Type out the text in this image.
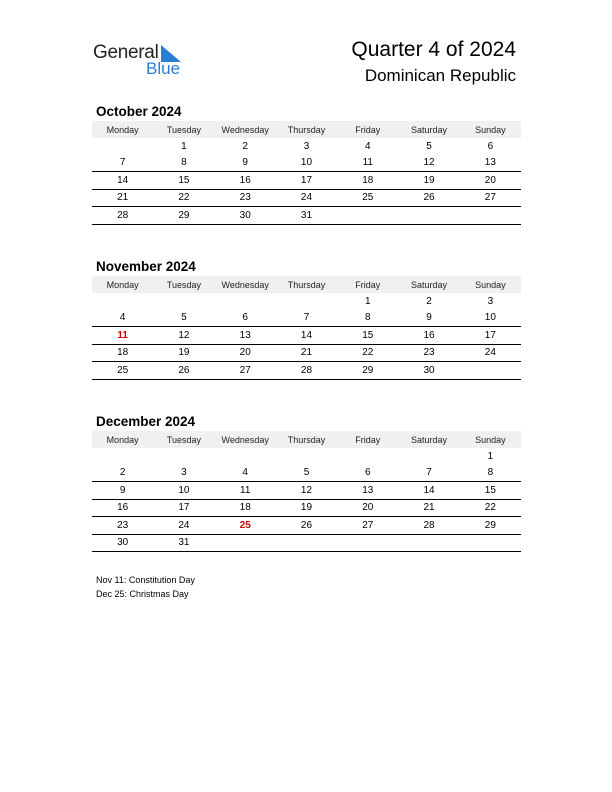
General
Blue
Quarter 4 of 2024
Dominican Republic
October 2024
Monday	Tuesday	Wednesday	Thursday	Friday	Saturday	Sunday
	1	2	3	4	5	6
7	8	9	10	11	12	13
14	15	16	17	18	19	20
21	22	23	24	25	26	27
28	29	30	31			
November 2024
Monday	Tuesday	Wednesday	Thursday	Friday	Saturday	Sunday
				1	2	3
4	5	6	7	8	9	10
11	12	13	14	15	16	17
18	19	20	21	22	23	24
25	26	27	28	29	30	
December 2024
Monday	Tuesday	Wednesday	Thursday	Friday	Saturday	Sunday
						1
2	3	4	5	6	7	8
9	10	11	12	13	14	15
16	17	18	19	20	21	22
23	24	25	26	27	28	29
30	31					
Nov 11: Constitution Day
Dec 25: Christmas Day
